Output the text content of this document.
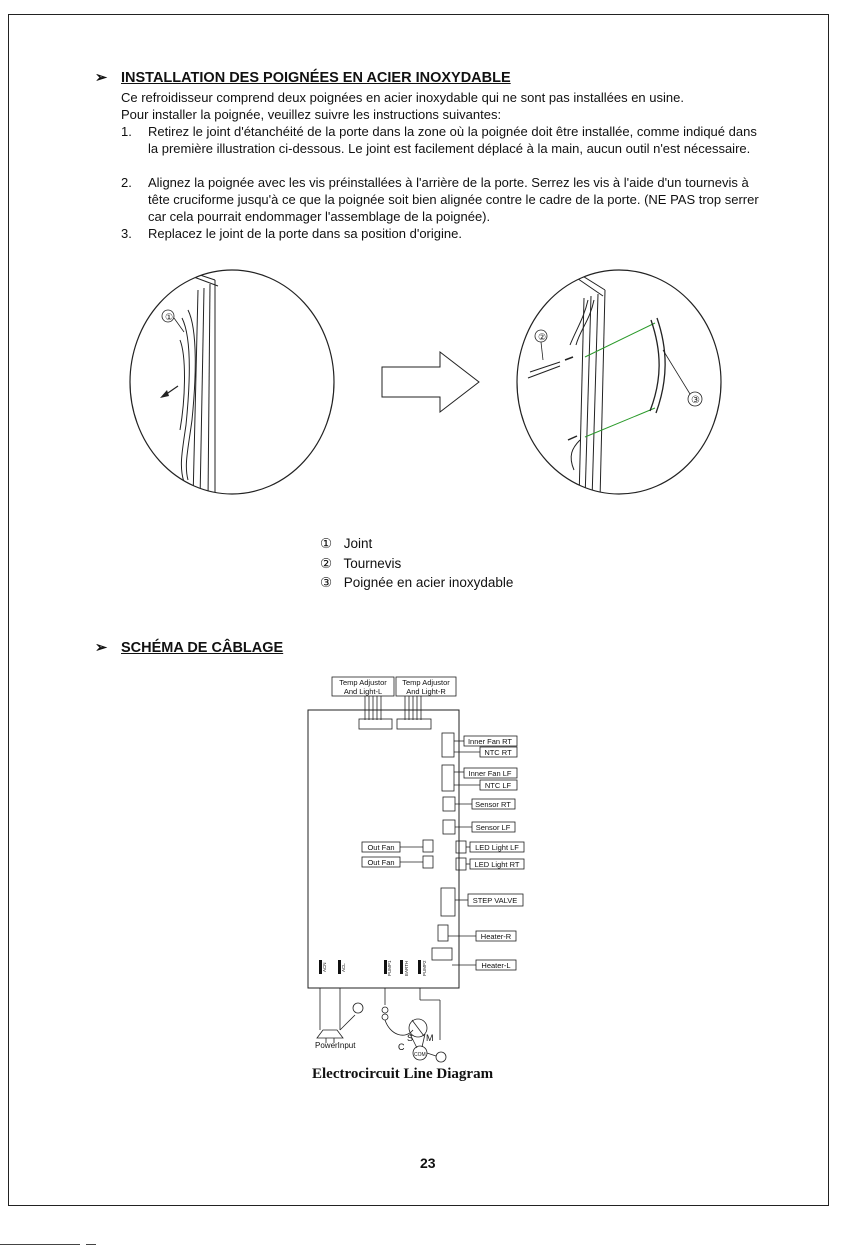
➢ INSTALLATION DES POIGNÉES EN ACIER INOXYDABLE
Ce refroidisseur comprend deux poignées en acier inoxydable qui ne sont pas installées en usine.
Pour installer la poignée, veuillez suivre les instructions suivantes:
1.	Retirez le joint d'étanchéité de la porte dans la zone où la poignée doit être installée, comme indiqué dans la première illustration ci-dessous. Le joint est facilement déplacé à la main, aucun outil n'est nécessaire.
2.	Alignez la poignée avec les vis préinstallées à l'arrière de la porte. Serrez les vis à l'aide d'un tournevis à tête cruciforme jusqu'à ce que la poignée soit bien alignée contre le cadre de la porte. (NE PAS trop serrer car cela pourrait endommager l'assemblage de la poignée).
3.	Replacez le joint de la porte dans sa position d'origine.
①
③
②
① Joint
② Tournevis
③ Poignée en acier inoxydable
➢ SCHÉMA DE CÂBLAGE
Temp Adjustor
And Light-L
Temp Adjustor
And Light-R
Inner Fan RT
NTC RT
Inner Fan LF
NTC LF
Sensor RT
Sensor LF
Out Fan
Out Fan
LED Light LF
LED Light RT
STEP VALVE
Heater-R
Heater-L
ACN	ACL	PUMP1	EARTH	PUMP2
PowerInput
S M
C
COM
Electrocircuit Line Diagram
23
